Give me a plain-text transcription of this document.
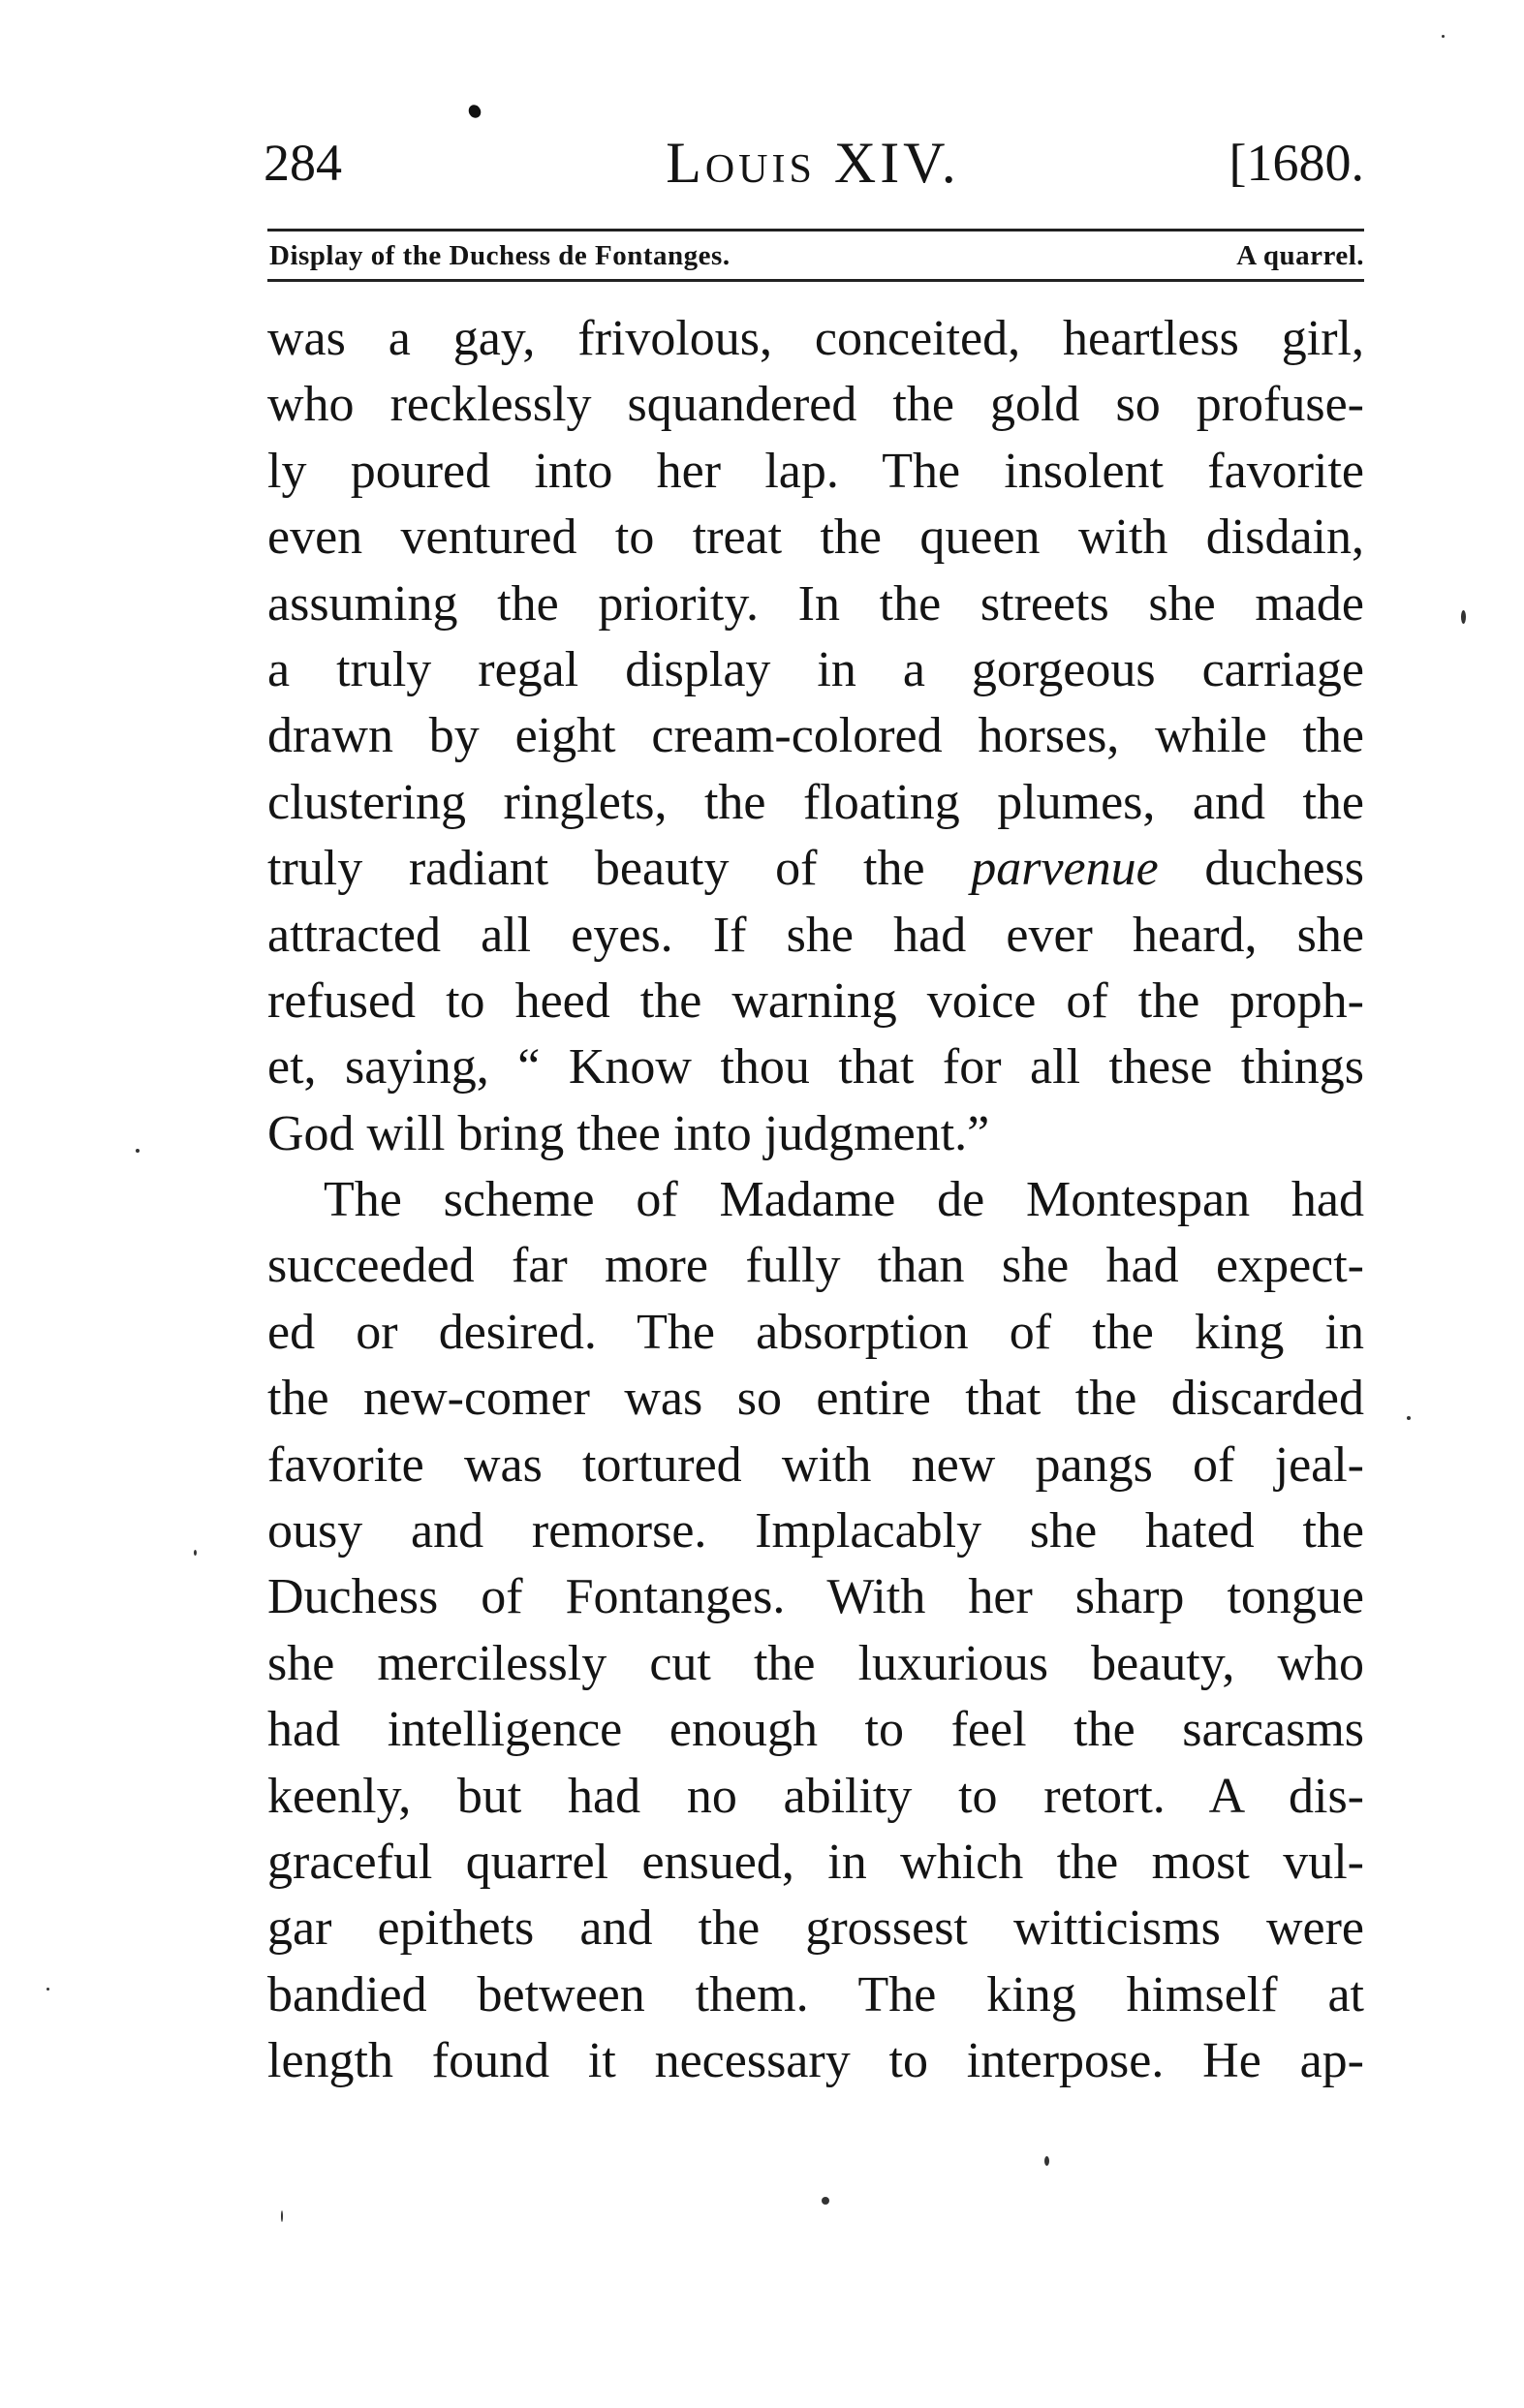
284	Louis XIV.	[1680.
Display of the Duchess de Fontanges.	A quarrel.
was a gay, frivolous, conceited, heartless girl,
who recklessly squandered the gold so profuse-
ly poured into her lap. The insolent favorite
even ventured to treat the queen with disdain,
assuming the priority. In the streets she made
a truly regal display in a gorgeous carriage
drawn by eight cream-colored horses, while the
clustering ringlets, the floating plumes, and the
truly radiant beauty of the parvenue duchess
attracted all eyes. If she had ever heard, she
refused to heed the warning voice of the proph-
et, saying, “ Know thou that for all these things
God will bring thee into judgment.”
The scheme of Madame de Montespan had
succeeded far more fully than she had expect-
ed or desired. The absorption of the king in
the new-comer was so entire that the discarded
favorite was tortured with new pangs of jeal-
ousy and remorse. Implacably she hated the
Duchess of Fontanges. With her sharp tongue
she mercilessly cut the luxurious beauty, who
had intelligence enough to feel the sarcasms
keenly, but had no ability to retort. A dis-
graceful quarrel ensued, in which the most vul-
gar epithets and the grossest witticisms were
bandied between them. The king himself at
length found it necessary to interpose. He ap-
